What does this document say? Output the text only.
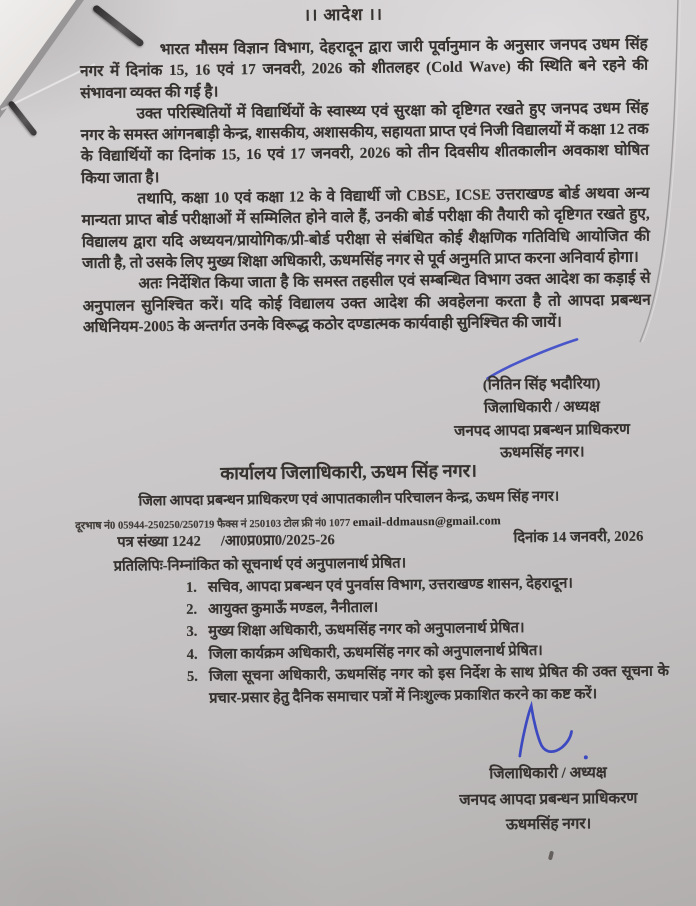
।। आदेश ।।

भारत मौसम विज्ञान विभाग, देहरादून द्वारा जारी पूर्वानुमान के अनुसार जनपद उधम सिंह नगर में दिनांक 15, 16 एवं 17 जनवरी, 2026 को शीतलहर (Cold Wave) की स्थिति बने रहने की संभावना व्यक्त की गई है।

उक्त परिस्थितियों में विद्यार्थियों के स्वास्थ्य एवं सुरक्षा को दृष्टिगत रखते हुए जनपद उधम सिंह नगर के समस्त आंगनबाड़ी केन्द्र, शासकीय, अशासकीय, सहायता प्राप्त एवं निजी विद्यालयों में कक्षा 12 तक के विद्यार्थियों का दिनांक 15, 16 एवं 17 जनवरी, 2026 को तीन दिवसीय शीतकालीन अवकाश घोषित किया जाता है।

तथापि, कक्षा 10 एवं कक्षा 12 के वे विद्यार्थी जो CBSE, ICSE उत्तराखण्ड बोर्ड अथवा अन्य मान्यता प्राप्त बोर्ड परीक्षाओं में सम्मिलित होने वाले हैं, उनकी बोर्ड परीक्षा की तैयारी को दृष्टिगत रखते हुए, विद्यालय द्वारा यदि अध्ययन/प्रायोगिक/प्री-बोर्ड परीक्षा से संबंधित कोई शैक्षणिक गतिविधि आयोजित की जाती है, तो उसके लिए मुख्य शिक्षा अधिकारी, ऊधमसिंह नगर से पूर्व अनुमति प्राप्त करना अनिवार्य होगा।

अतः निर्देशित किया जाता है कि समस्त तहसील एवं सम्बन्धित विभाग उक्त आदेश का कड़ाई से अनुपालन सुनिश्चित करें। यदि कोई विद्यालय उक्त आदेश की अवहेलना करता है तो आपदा प्रबन्धन अधिनियम-2005 के अन्तर्गत उनके विरूद्ध कठोर दण्डात्मक कार्यवाही सुनिश्चित की जायें।

(नितिन सिंह भदौरिया)
जिलाधिकारी / अध्यक्ष
जनपद आपदा प्रबन्धन प्राधिकरण
ऊधमसिंह नगर।
कार्यालय जिलाधिकारी, ऊधम सिंह नगर।
जिला आपदा प्रबन्धन प्राधिकरण एवं आपातकालीन परिचालन केन्द्र, ऊधम सिंह नगर।
दूरभाष नं0 05944-250250/250719 फैक्स नं 250103 टोल फ्री नं0 1077 email-ddmausn@gmail.com
पत्र संख्या 1242 /आ0प्र0प्रा0/2025-26	दिनांक 14 जनवरी, 2026
प्रतिलिपिः-निम्नांकित को सूचनार्थ एवं अनुपालनार्थ प्रेषित।
1. सचिव, आपदा प्रबन्धन एवं पुनर्वास विभाग, उत्तराखण्ड शासन, देहरादून।
2. आयुक्त कुमाऊँ मण्डल, नैनीताल।
3. मुख्य शिक्षा अधिकारी, ऊधमसिंह नगर को अनुपालनार्थ प्रेषित।
4. जिला कार्यक्रम अधिकारी, ऊधमसिंह नगर को अनुपालनार्थ प्रेषित।
5. जिला सूचना अधिकारी, ऊधमसिंह नगर को इस निर्देश के साथ प्रेषित की उक्त सूचना के प्रचार-प्रसार हेतु दैनिक समाचार पत्रों में निःशुल्क प्रकाशित करने का कष्ट करें।
जिलाधिकारी / अध्यक्ष
जनपद आपदा प्रबन्धन प्राधिकरण
ऊधमसिंह नगर।
